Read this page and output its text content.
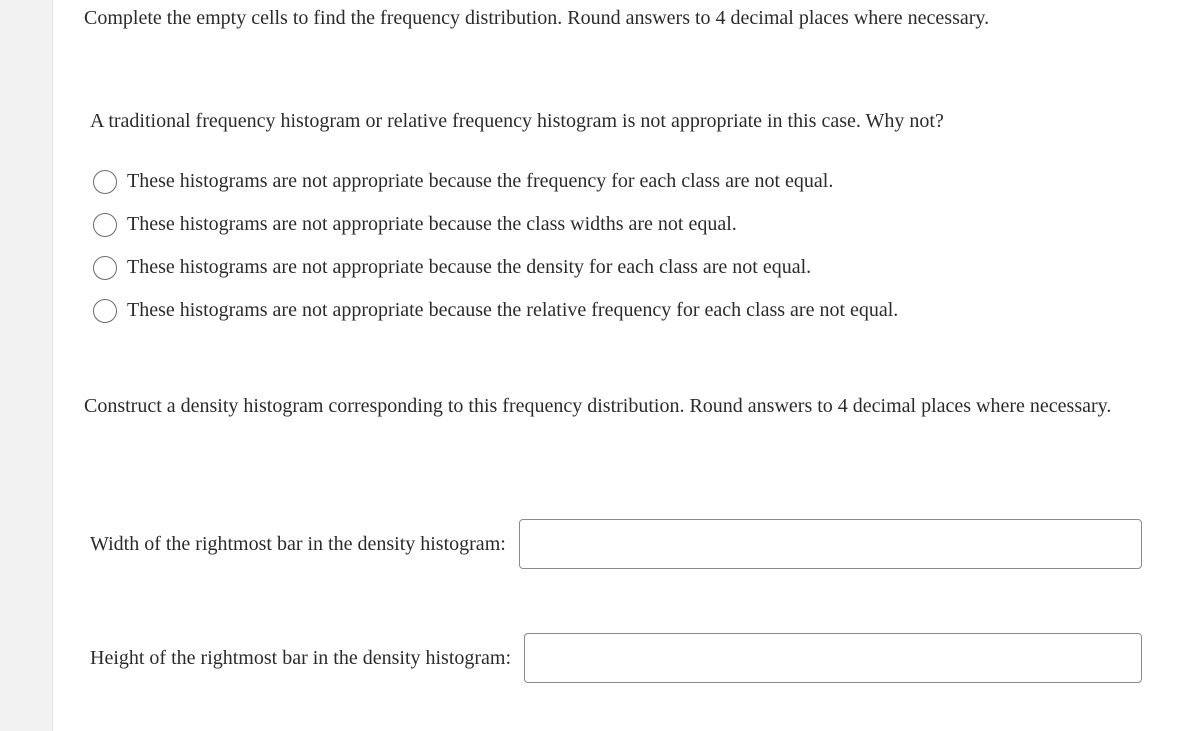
Complete the empty cells to find the frequency distribution. Round answers to 4 decimal places where necessary.

A traditional frequency histogram or relative frequency histogram is not appropriate in this case. Why not?

These histograms are not appropriate because the frequency for each class are not equal.
These histograms are not appropriate because the class widths are not equal.
These histograms are not appropriate because the density for each class are not equal.
These histograms are not appropriate because the relative frequency for each class are not equal.

Construct a density histogram corresponding to this frequency distribution. Round answers to 4 decimal places where necessary.

Width of the rightmost bar in the density histogram:
Height of the rightmost bar in the density histogram:
